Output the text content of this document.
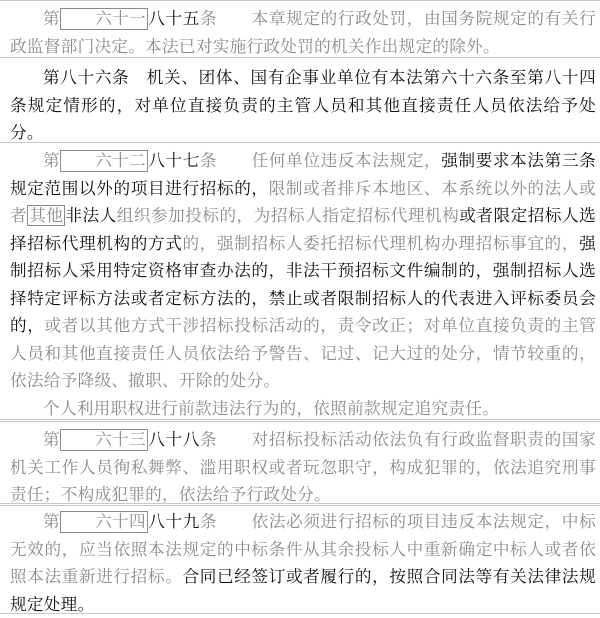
第 六十一 八十五条　　 本章规定的行政处罚，由国务院规定的有关行政监督部门决定。本法已对实施行政处罚的机关作出规定的除外。

第八十六条　机关、团体、国有企事业单位有本法第六十六条至第八十四条规定情形的，对单位直接负责的主管人员和其他直接责任人员依法给予处分。

第 六十二 八十七条　　 任何单位违反本法规定，强制要求本法第三条规定范围以外的项目进行招标的，限制或者排斥本地区、本系统以外的法人或者 其他 非法人组织参加投标的，为招标人指定招标代理机构或者限定招标人选择招标代理机构的方式的，强制招标人委托招标代理机构办理招标事宜的，强制招标人采用特定资格审查办法的，非法干预招标文件编制的，强制招标人选择特定评标方法或者定标方法的，禁止或者限制招标人的代表进入评标委员会的，或者以其他方式干涉招标投标活动的，责令改正；对单位直接负责的主管人员和其他直接责任人员依法给予警告、记过、记大过的处分，情节较重的，依法给予降级、撤职、开除的处分。

个人利用职权进行前款违法行为的，依照前款规定追究责任。

第 六十三 八十八条　　 对招标投标活动依法负有行政监督职责的国家机关工作人员徇私舞弊、滥用职权或者玩忽职守，构成犯罪的，依法追究刑事责任；不构成犯罪的，依法给予行政处分。

第 六十四 八十九条　　 依法必须进行招标的项目违反本法规定，中标无效的，应当依照本法规定的中标条件从其余投标人中重新确定中标人或者依照本法重新进行招标。合同已经签订或者履行的，按照合同法等有关法律法规规定处理。
